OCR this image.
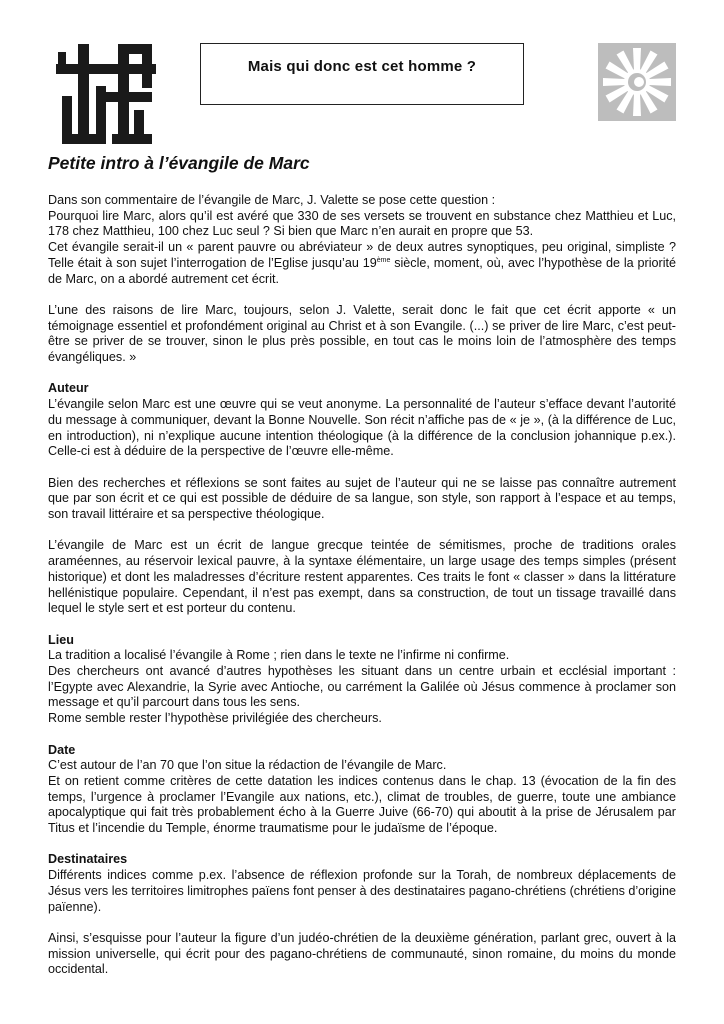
Mais qui donc est cet homme ?
Petite intro à l’évangile de Marc

Dans son commentaire de l’évangile de Marc, J. Valette se pose cette question :

Pourquoi lire Marc, alors qu’il est avéré que 330 de ses versets se trouvent en substance chez Matthieu et Luc, 178 chez Matthieu, 100 chez Luc seul ? Si bien que Marc n’en aurait en propre que 53.

Cet évangile serait-il un « parent pauvre ou abréviateur » de deux autres synoptiques, peu original, simpliste ? Telle était à son sujet l’interrogation de l’Eglise jusqu’au 19ème siècle, moment, où, avec l’hypothèse de la priorité de Marc, on a abordé autrement cet écrit.

L’une des raisons de lire Marc, toujours, selon J. Valette, serait donc le fait que cet écrit apporte « un témoignage essentiel et profondément original au Christ et à son Evangile. (...) se priver de lire Marc, c’est peut-être se priver de se trouver, sinon le plus près possible, en tout cas le moins loin de l’atmosphère des temps évangéliques. »

Auteur

L’évangile selon Marc est une œuvre qui se veut anonyme. La personnalité de l’auteur s’efface devant l’autorité du message à communiquer, devant la Bonne Nouvelle. Son récit n’affiche pas de « je », (à la différence de Luc, en introduction), ni n’explique aucune intention théologique (à la différence de la conclusion johannique p.ex.). Celle-ci est à déduire de la perspective de l’œuvre elle-même.

Bien des recherches et réflexions se sont faites au sujet de l’auteur qui ne se laisse pas connaître autrement que par son écrit et ce qui est possible de déduire de sa langue, son style, son rapport à l’espace et au temps, son travail littéraire et sa perspective théologique.

L’évangile de Marc est un écrit de langue grecque teintée de sémitismes, proche de traditions orales araméennes, au réservoir lexical pauvre, à la syntaxe élémentaire, un large usage des temps simples (présent historique) et dont les maladresses d’écriture restent apparentes. Ces traits le font « classer » dans la littérature hellénistique populaire. Cependant, il n’est pas exempt, dans sa construction, de tout un tissage travaillé dans lequel le style sert et est porteur du contenu.

Lieu

La tradition a localisé l’évangile à Rome ; rien dans le texte ne l’infirme ni confirme.

Des chercheurs ont avancé d’autres hypothèses les situant dans un centre urbain et ecclésial important : l’Egypte avec Alexandrie, la Syrie avec Antioche, ou carrément la Galilée où Jésus commence à proclamer son message et qu’il parcourt dans tous les sens.

Rome semble rester l’hypothèse privilégiée des chercheurs.

Date

C’est autour de l’an 70 que l’on situe la rédaction de l’évangile de Marc.

Et on retient comme critères de cette datation les indices contenus dans le chap. 13 (évocation de la fin des temps, l’urgence à proclamer l’Evangile aux nations, etc.), climat de troubles, de guerre, toute une ambiance apocalyptique qui fait très probablement écho à la Guerre Juive (66-70) qui aboutit à la prise de Jérusalem par Titus et l’incendie du Temple, énorme traumatisme pour le judaïsme de l’époque.

Destinataires

Différents indices comme p.ex. l’absence de réflexion profonde sur la Torah, de nombreux déplacements de Jésus vers les territoires limitrophes païens font penser à des destinataires pagano-chrétiens (chrétiens d’origine païenne).

Ainsi, s’esquisse pour l’auteur la figure d’un judéo-chrétien de la deuxième génération, parlant grec, ouvert à la mission universelle, qui écrit pour des pagano-chrétiens de communauté, sinon romaine, du moins du monde occidental.
